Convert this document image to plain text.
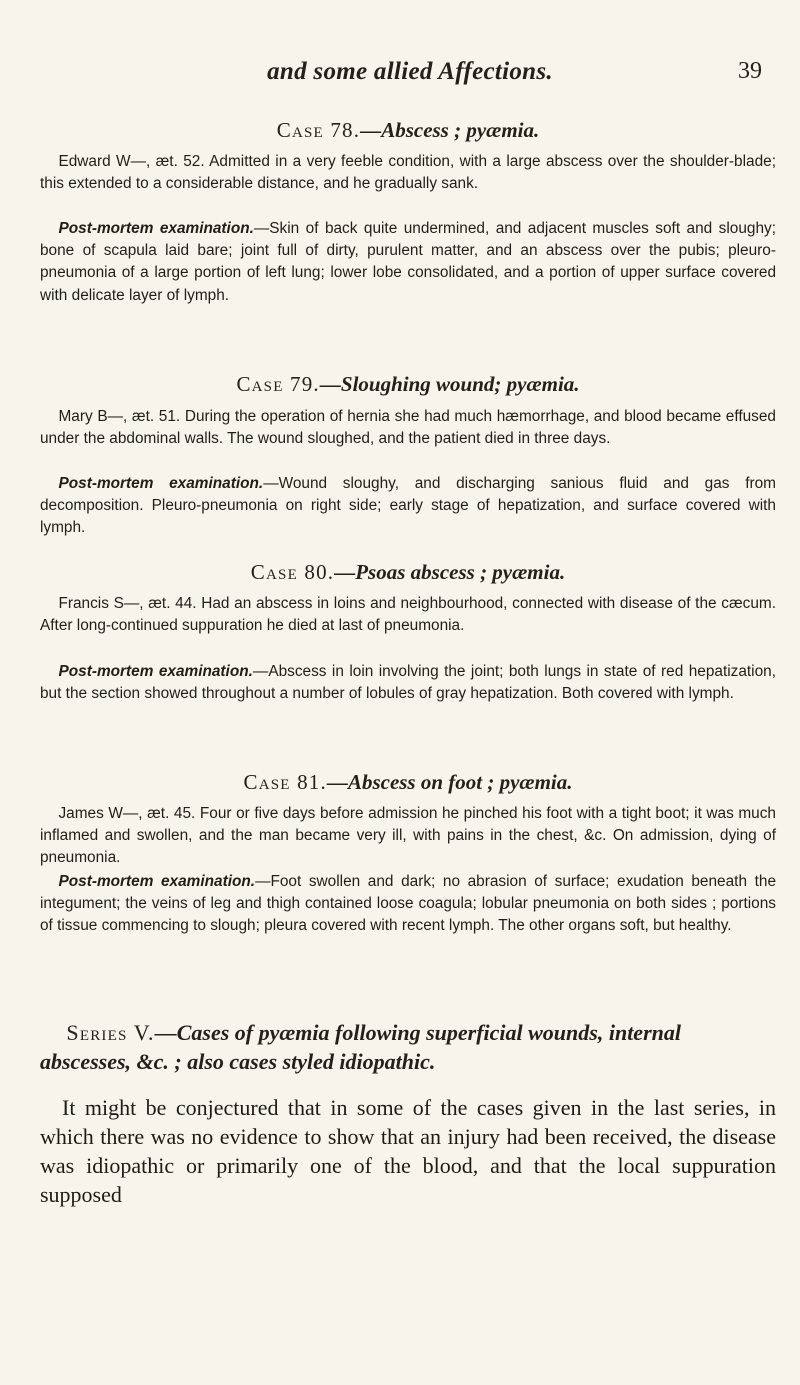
and some allied Affections.	39
Case 78.—Abscess ; pyæmia.

Edward W—, æt. 52. Admitted in a very feeble condition, with a large abscess over the shoulder-blade; this extended to a considerable distance, and he gradually sank.

Post-mortem examination.—Skin of back quite undermined, and adjacent muscles soft and sloughy; bone of scapula laid bare; joint full of dirty, purulent matter, and an abscess over the pubis; pleuro-pneumonia of a large portion of left lung; lower lobe consolidated, and a portion of upper surface covered with delicate layer of lymph.

Case 79.—Sloughing wound; pyæmia.

Mary B—, æt. 51. During the operation of hernia she had much hæmorrhage, and blood became effused under the abdominal walls. The wound sloughed, and the patient died in three days.

Post-mortem examination.—Wound sloughy, and discharging sanious fluid and gas from decomposition. Pleuro-pneumonia on right side; early stage of hepatization, and surface covered with lymph.

Case 80.—Psoas abscess ; pyæmia.

Francis S—, æt. 44. Had an abscess in loins and neighbourhood, connected with disease of the cæcum. After long-continued suppuration he died at last of pneumonia.

Post-mortem examination.—Abscess in loin involving the joint; both lungs in state of red hepatization, but the section showed throughout a number of lobules of gray hepatization. Both covered with lymph.

Case 81.—Abscess on foot ; pyæmia.

James W—, æt. 45. Four or five days before admission he pinched his foot with a tight boot; it was much inflamed and swollen, and the man became very ill, with pains in the chest, &c. On admission, dying of pneumonia.

Post-mortem examination.—Foot swollen and dark; no abrasion of surface; exudation beneath the integument; the veins of leg and thigh contained loose coagula; lobular pneumonia on both sides ; portions of tissue commencing to slough; pleura covered with recent lymph. The other organs soft, but healthy.

Series V.—Cases of pyæmia following superficial wounds, internal abscesses, &c. ; also cases styled idiopathic.

It might be conjectured that in some of the cases given in the last series, in which there was no evidence to show that an injury had been received, the disease was idiopathic or primarily one of the blood, and that the local suppuration supposed
